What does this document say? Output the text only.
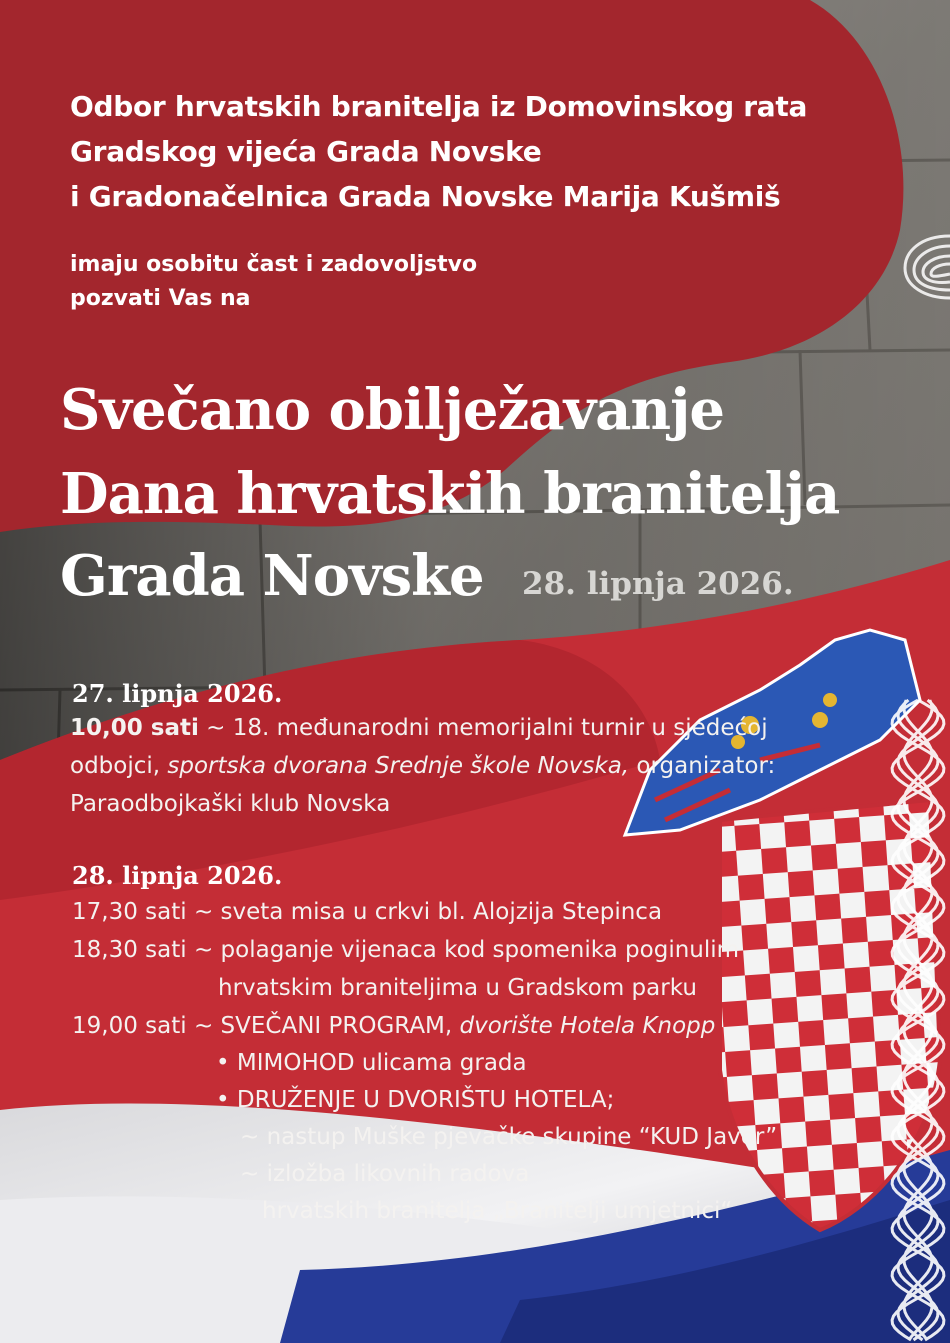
Odbor hrvatskih branitelja iz Domovinskog rata
Gradskog vijeća Grada Novske
i Gradonačelnica Grada Novske Marija Kušmiš
imaju osobitu čast i zadovoljstvo
pozvati Vas na
Svečano obilježavanje
Dana hrvatskih branitelja
Grada Novske 28. lipnja 2026.
27. lipnja 2026.
10,00 sati ~ 18. međunarodni memorijalni turnir u sjedećoj
odbojci, sportska dvorana Srednje škole Novska, organizator:
Paraodbojkaški klub Novska
28. lipnja 2026.
17,30 sati ~ sveta misa u crkvi bl. Alojzija Stepinca
18,30 sati ~ polaganje vijenaca kod spomenika poginulim
hrvatskim braniteljima u Gradskom parku
19,00 sati ~ SVEČANI PROGRAM, dvorište Hotela Knopp
• MIMOHOD ulicama grada
• DRUŽENJE U DVORIŠTU HOTELA;
~ nastup Muške pjevačke skupine “KUD Javor”
~ izložba likovnih radova
hrvatskih branitelja „Branitelji umjetnici“
